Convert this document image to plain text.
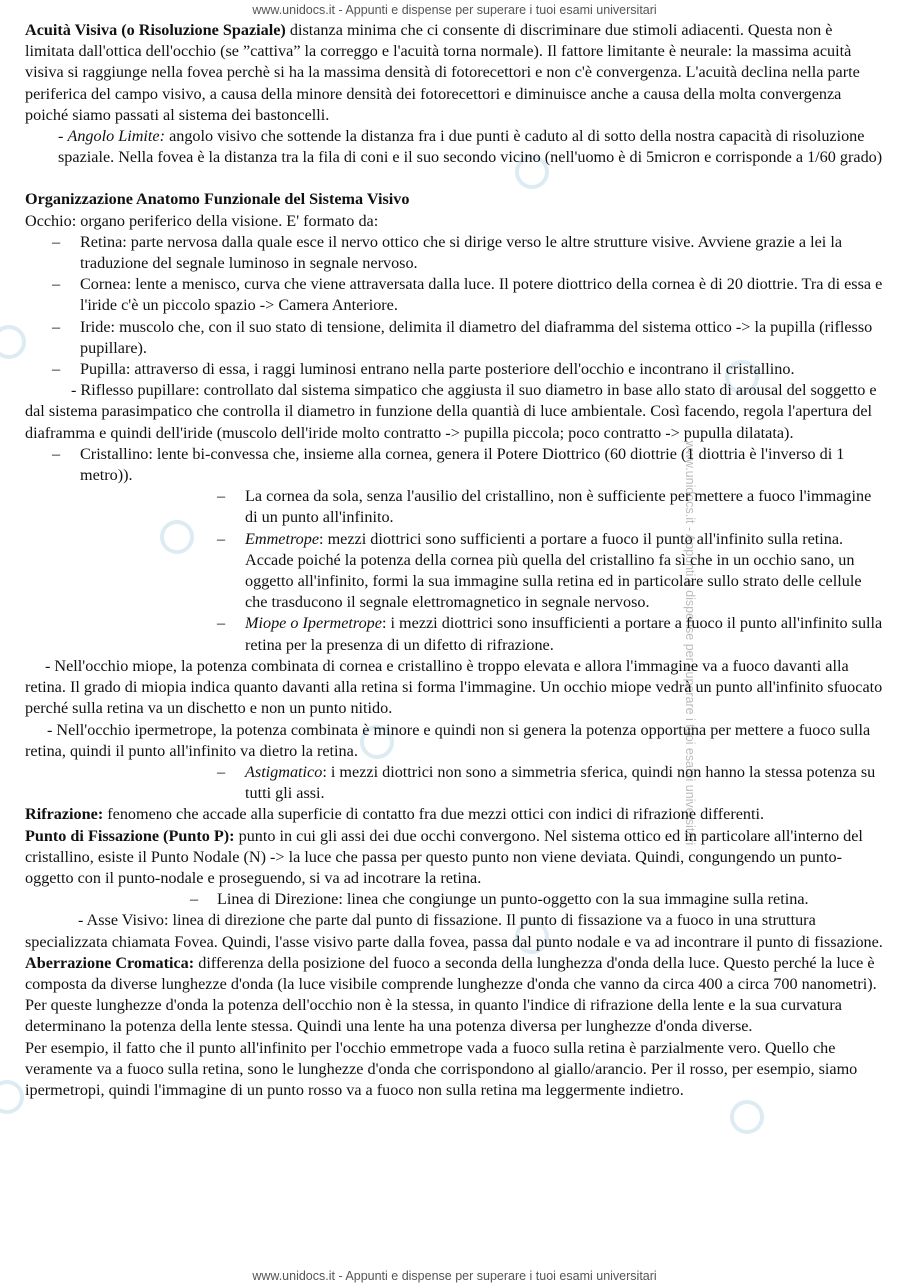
www.unidocs.it - Appunti e dispense per superare i tuoi esami universitari
www.unidocs.it - Appunti e dispense per superare i tuoi esami universitari

Acuità Visiva (o Risoluzione Spaziale) distanza minima che ci consente di discriminare due stimoli adiacenti. Questa non è limitata dall'ottica dell'occhio (se ”cattiva” la correggo e l'acuità torna normale). Il fattore limitante è neurale: la massima acuità visiva si raggiunge nella fovea perchè si ha la massima densità di fotorecettori e non c'è convergenza. L'acuità declina nella parte periferica del campo visivo, a causa della minore densità dei fotorecettori e diminuisce anche a causa della molta convergenza poiché siamo passati al sistema dei bastoncelli.

- Angolo Limite: angolo visivo che sottende la distanza fra i due punti è caduto al di sotto della nostra capacità di risoluzione spaziale. Nella fovea è la distanza tra la fila di coni e il suo secondo vicino (nell'uomo è di 5micron e corrisponde a 1/60 grado)

Organizzazione Anatomo Funzionale del Sistema Visivo

Occhio: organo periferico della visione. E' formato da:

– Retina: parte nervosa dalla quale esce il nervo ottico che si dirige verso le altre strutture visive. Avviene grazie a lei la traduzione del segnale luminoso in segnale nervoso.
– Cornea: lente a menisco, curva che viene attraversata dalla luce. Il potere diottrico della cornea è di 20 diottrie. Tra di essa e l'iride c'è un piccolo spazio -> Camera Anteriore.
– Iride: muscolo che, con il suo stato di tensione, delimita il diametro del diaframma del sistema ottico -> la pupilla (riflesso pupillare).
– Pupilla: attraverso di essa, i raggi luminosi entrano nella parte posteriore dell'occhio e incontrano il cristallino.

- Riflesso pupillare: controllato dal sistema simpatico che aggiusta il suo diametro in base allo stato di arousal del soggetto e dal sistema parasimpatico che controlla il diametro in funzione della quantià di luce ambientale. Così facendo, regola l'apertura del diaframma e quindi dell'iride (muscolo dell'iride molto contratto -> pupilla piccola; poco contratto -> pupulla dilatata).

– Cristallino: lente bi-convessa che, insieme alla cornea, genera il Potere Diottrico (60 diottrie (1 diottria è l'inverso di 1 metro)).
– La cornea da sola, senza l'ausilio del cristallino, non è sufficiente per mettere a fuoco l'immagine di un punto all'infinito.
– Emmetrope: mezzi diottrici sono sufficienti a portare a fuoco il punto all'infinito sulla retina. Accade poiché la potenza della cornea più quella del cristallino fa sì che in un occhio sano, un oggetto all'infinito, formi la sua immagine sulla retina ed in particolare sullo strato delle cellule che trasducono il segnale elettromagnetico in segnale nervoso.
– Miope o Ipermetrope: i mezzi diottrici sono insufficienti a portare a fuoco il punto all'infinito sulla retina per la presenza di un difetto di rifrazione.

- Nell'occhio miope, la potenza combinata di cornea e cristallino è troppo elevata e allora l'immagine va a fuoco davanti alla retina. Il grado di miopia indica quanto davanti alla retina si forma l'immagine. Un occhio miope vedrà un punto all'infinito sfuocato perché sulla retina va un dischetto e non un punto nitido.

- Nell'occhio ipermetrope, la potenza combinata è minore e quindi non si genera la potenza opportuna per mettere a fuoco sulla retina, quindi il punto all'infinito va dietro la retina.

– Astigmatico: i mezzi diottrici non sono a simmetria sferica, quindi non hanno la stessa potenza su tutti gli assi.

Rifrazione: fenomeno che accade alla superficie di contatto fra due mezzi ottici con indici di rifrazione differenti.

Punto di Fissazione (Punto P): punto in cui gli assi dei due occhi convergono. Nel sistema ottico ed in particolare all'interno del cristallino, esiste il Punto Nodale (N) -> la luce che passa per questo punto non viene deviata. Quindi, congungendo un punto-oggetto con il punto-nodale e proseguendo, si va ad incotrare la retina.

– Linea di Direzione: linea che congiunge un punto-oggetto con la sua immagine sulla retina.

- Asse Visivo: linea di direzione che parte dal punto di fissazione. Il punto di fissazione va a fuoco in una struttura specializzata chiamata Fovea. Quindi, l'asse visivo parte dalla fovea, passa dal punto nodale e va ad incontrare il punto di fissazione.

Aberrazione Cromatica: differenza della posizione del fuoco a seconda della lunghezza d'onda della luce. Questo perché la luce è composta da diverse lunghezze d'onda (la luce visibile comprende lunghezze d'onda che vanno da circa 400 a circa 700 nanometri). Per queste lunghezze d'onda la potenza dell'occhio non è la stessa, in quanto l'indice di rifrazione della lente e la sua curvatura determinano la potenza della lente stessa. Quindi una lente ha una potenza diversa per lunghezze d'onda diverse.

Per esempio, il fatto che il punto all'infinito per l'occhio emmetrope vada a fuoco sulla retina è parzialmente vero. Quello che veramente va a fuoco sulla retina, sono le lunghezze d'onda che corrispondono al giallo/arancio. Per il rosso, per esempio, siamo ipermetropi, quindi l'immagine di un punto rosso va a fuoco non sulla retina ma leggermente indietro.

www.unidocs.it - Appunti e dispense per superare i tuoi esami universitari
